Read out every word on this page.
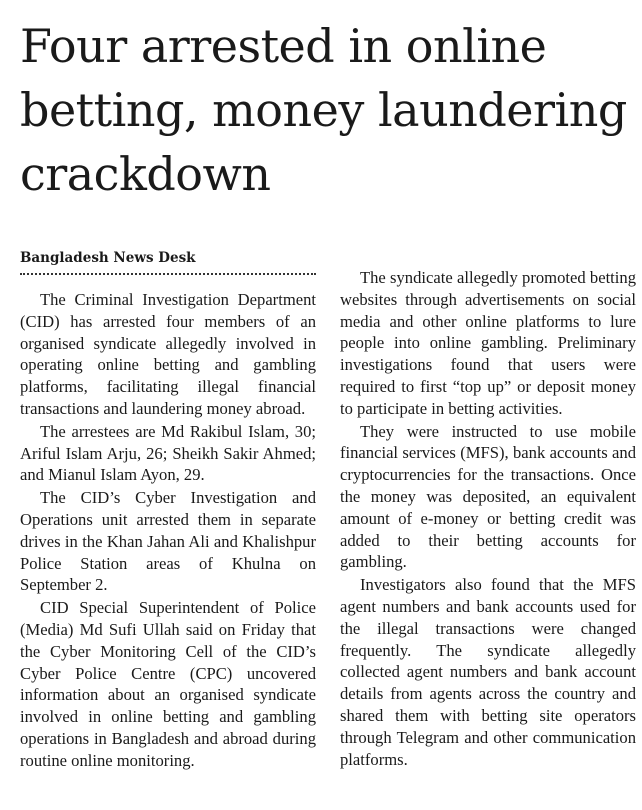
Four arrested in online betting, money laundering crackdown
Bangladesh News Desk

The Criminal Investigation Department (CID) has arrested four members of an organised syndicate allegedly involved in operating online betting and gambling platforms, facilitating illegal financial transactions and laundering money abroad.

The arrestees are Md Rakibul Islam, 30; Ariful Islam Arju, 26; Sheikh Sakir Ahmed; and Mianul Islam Ayon, 29.

The CID’s Cyber Investigation and Operations unit arrested them in separate drives in the Khan Jahan Ali and Khalishpur Police Station areas of Khulna on September 2.

CID Special Superintendent of Police (Media) Md Sufi Ullah said on Friday that the Cyber Monitoring Cell of the CID’s Cyber Police Centre (CPC) uncovered information about an organised syndicate involved in online betting and gambling operations in Bangladesh and abroad during routine online monitoring.

The syndicate allegedly promoted betting websites through advertisements on social media and other online platforms to lure people into online gambling. Preliminary investigations found that users were required to first “top up” or deposit money to participate in betting activities.

They were instructed to use mobile financial services (MFS), bank accounts and cryptocurrencies for the transactions. Once the money was deposited, an equivalent amount of e-money or betting credit was added to their betting accounts for gambling.

Investigators also found that the MFS agent numbers and bank accounts used for the illegal transactions were changed frequently. The syndicate allegedly collected agent numbers and bank account details from agents across the country and shared them with betting site operators through Telegram and other communication platforms.
